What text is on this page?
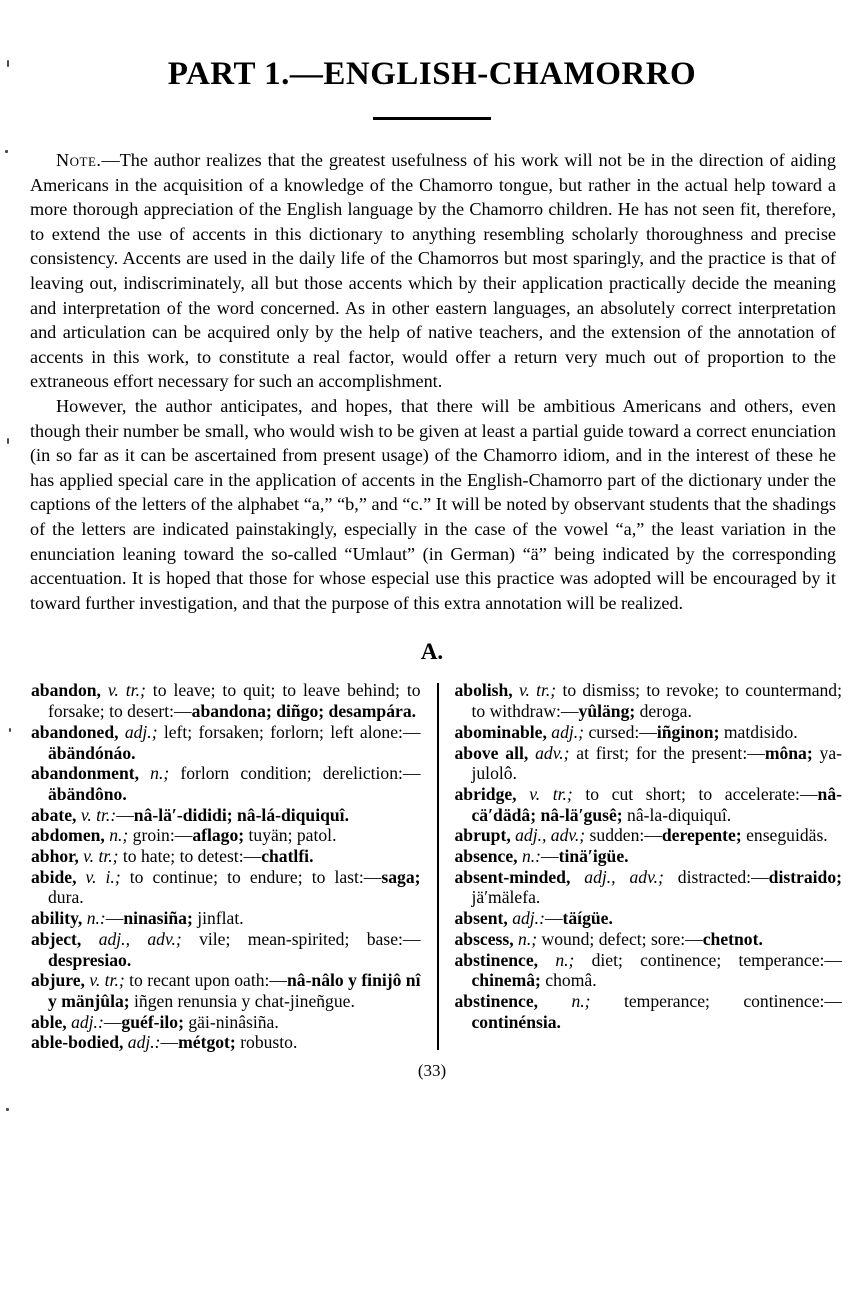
PART 1.—ENGLISH-CHAMORRO

Note.—The author realizes that the greatest usefulness of his work will not be in the direction of aiding Americans in the acquisition of a knowledge of the Chamorro tongue, but rather in the actual help toward a more thorough appreciation of the English language by the Chamorro children. He has not seen fit, therefore, to extend the use of accents in this dictionary to anything resembling scholarly thoroughness and precise consistency. Accents are used in the daily life of the Chamorros but most sparingly, and the practice is that of leaving out, indiscriminately, all but those accents which by their application practically decide the meaning and interpretation of the word concerned. As in other eastern languages, an absolutely correct interpretation and articulation can be acquired only by the help of native teachers, and the extension of the annotation of accents in this work, to constitute a real factor, would offer a return very much out of proportion to the extraneous effort necessary for such an accomplishment.

However, the author anticipates, and hopes, that there will be ambitious Americans and others, even though their number be small, who would wish to be given at least a partial guide toward a correct enunciation (in so far as it can be ascertained from present usage) of the Chamorro idiom, and in the interest of these he has applied special care in the application of accents in the English-Chamorro part of the dictionary under the captions of the letters of the alphabet “a,” “b,” and “c.” It will be noted by observant students that the shadings of the letters are indicated painstakingly, especially in the case of the vowel “a,” the least variation in the enunciation leaning toward the so-called “Umlaut” (in German) “ä” being indicated by the corresponding accentuation. It is hoped that those for whose especial use this practice was adopted will be encouraged by it toward further investigation, and that the purpose of this extra annotation will be realized.

A.

abandon, v. tr.; to leave; to quit; to leave behind; to forsake; to desert:—abandona; diñgo; desampára.

abandoned, adj.; left; forsaken; forlorn; left alone:—äbändónáo.

abandonment, n.; forlorn condition; dereliction:—äbändôno.

abate, v. tr.:—nâ-lä′-dididi; nâ-lá-diquiquî.

abdomen, n.; groin:—aflago; tuyän; patol.

abhor, v. tr.; to hate; to detest:—chatlfi.

abide, v. i.; to continue; to endure; to last:—saga; dura.

ability, n.:—ninasiña; jinflat.

abject, adj., adv.; vile; mean-spirited; base:—despresiao.

abjure, v. tr.; to recant upon oath:—nâ-nâlo y finijô nî y mänjûla; iñgen renunsia y chat-jineñgue.

able, adj.:—guéf-ilo; gäi-ninâsiña.

able-bodied, adj.:—métgot; robusto.

abolish, v. tr.; to dismiss; to revoke; to countermand; to withdraw:—yûläng; deroga.

abominable, adj.; cursed:—iñginon; matdisido.

above all, adv.; at first; for the present:—môna; ya-julolô.

abridge, v. tr.; to cut short; to accelerate:—nâ-cä′dädâ; nâ-lä′gusê; nâ-la-diquiquî.

abrupt, adj., adv.; sudden:—derepente; enseguidäs.

absence, n.:—tinä′igüe.

absent-minded, adj., adv.; distracted:—distraido; jä′mälefa.

absent, adj.:—täígüe.

abscess, n.; wound; defect; sore:—chetnot.

abstinence, n.; diet; continence; temperance:—chinemâ; chomâ.

abstinence, n.; temperance; continence:—continénsia.

(33)
